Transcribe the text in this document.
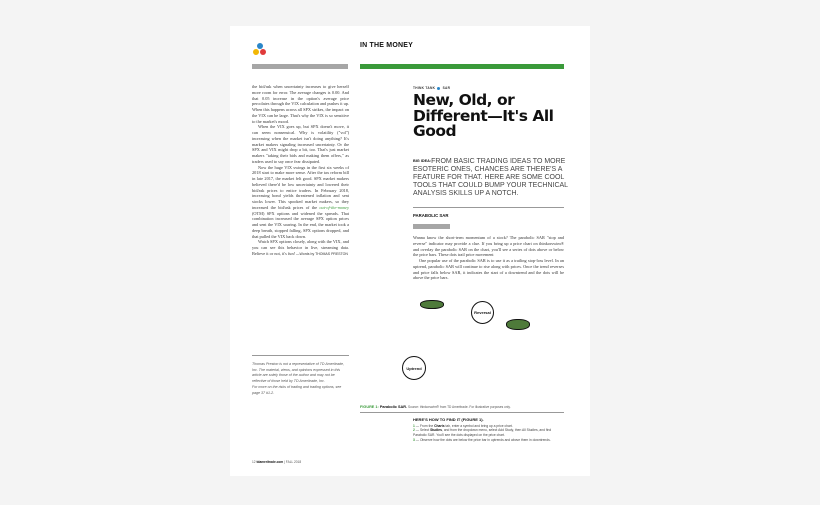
IN THE MONEY

the bid/ask when uncertainty increases to give herself more room for error. The average changes is 0.00. And that 0.05 increase in the option's average price percolates through the VIX calculation and pushes it up. When this happens across all SPX strikes, the impact on the VIX can be large. That's why the VIX is so sensitive to the market's mood.

When the VIX goes up, but SPX doesn't move, it can seem nonsensical. Why is volatility ("vol") increasing when the market isn't doing anything? It's market makers signaling increased uncertainty. Or the SPX and VIX might drop a bit, too. That's just market makers "taking their bids and making them offers," as traders used to say once fear dissipated.

Now the huge VIX swings in the first six weeks of 2018 start to make more sense. After the tax reform bill in late 2017, the market felt good. SPX market makers believed there'd be low uncertainty and lowered their bid/ask prices to entice traders. In February 2018, increasing bond yields threatened inflation and sent stocks lower. This spooked market makers, so they increased the bid/ask prices of the out-of-the-money (OTM) SPX options and widened the spreads. That combination increased the average SPX option prices and sent the VIX soaring. In the end, the market took a deep breath, stopped falling, SPX options dropped, and that pulled the VIX back down.

Watch SPX options closely, along with the VIX, and you can see this behavior in live, streaming data. Believe it or not, it's fun! —Words by THOMAS PRESTON

Thomas Preston is not a representative of TD Ameritrade, Inc. The material, views, and opinions expressed in this article are solely those of the author and may not be reflective of those held by TD Ameritrade, Inc.

For more on the risks of trading and trading options, see page 37 #1-2.

THINK TANK SAR
New, Old, or Different—It's All Good
BIG IDEA:FROM BASIC TRADING IDEAS TO MORE ESOTERIC ONES, CHANCES ARE THERE'S A FEATURE FOR THAT. HERE ARE SOME COOL TOOLS THAT COULD BUMP YOUR TECHNICAL ANALYSIS SKILLS UP A NOTCH.
PARABOLIC SAR

Wanna know the short-term momentum of a stock? The parabolic SAR "stop and reverse" indicator may provide a clue. If you bring up a price chart on thinkorswim® and overlay the parabolic SAR on the chart, you'll see a series of dots above or below the price bars. These dots trail price movement

One popular use of the parabolic SAR is to use it as a trailing stop-loss level. In an uptrend, parabolic SAR will continue to rise along with prices. Once the trend reverses and price falls below SAR, it indicates the start of a downtrend and the dots will be above the price bars.

Reversal
Uptrend
FIGURE 1: Parabolic SAR. Source: thinkorswim® from TD Ameritrade. For illustrative purposes only.
HERE'S HOW TO FIND IT (FIGURE 1).
1 — From the Charts tab, enter a symbol and bring up a price chart.
2 — Select Studies, and from the dropdown menu, select Add Study, then All Studies, and find Parabolic SAR. You'll see the dots displayed on the price chart.
3 — Observe how the dots are below the price bar in uptrends and above them in downtrends.
12 tdameritrade.com | FALL 2018
